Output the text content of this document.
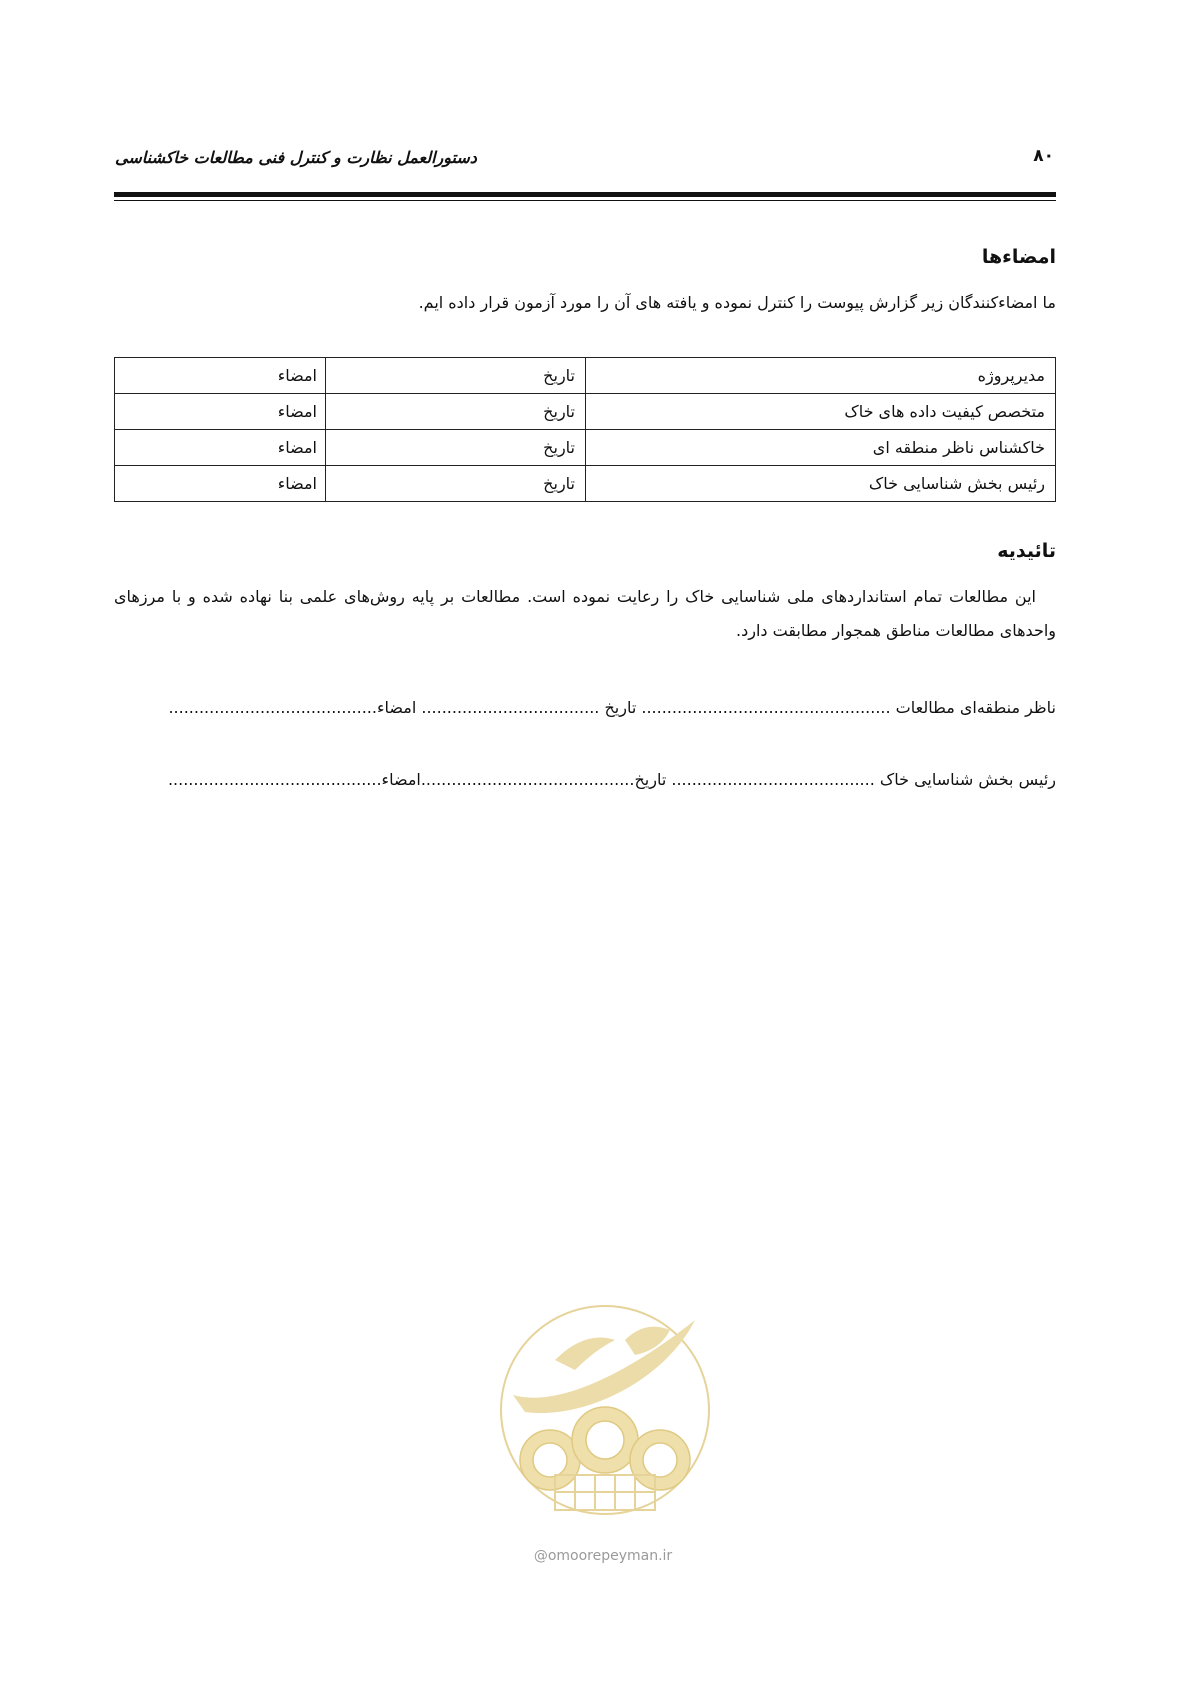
۸۰
دستورالعمل نظارت و کنترل فنی مطالعات خاکشناسی
امضاءها
ما امضاءکنندگان زیر گزارش پیوست را کنترل نموده و یافته های آن را مورد آزمون قرار داده ایم.
مدیرپروژه	تاریخ	امضاء
متخصص کیفیت داده های خاک	تاریخ	امضاء
خاکشناس ناظر منطقه ای	تاریخ	امضاء
رئیس بخش شناسایی خاک	تاریخ	امضاء
تائیدیه
این مطالعات تمام استانداردهای ملی شناسایی خاک را رعایت نموده است. مطالعات بر پایه روش‌های علمی بنا نهاده شده و با مرزهای واحدهای مطالعات مناطق همجوار مطابقت دارد.
ناظر منطقه‌ای مطالعات ................................................. تاریخ ................................... امضاء.........................................
رئیس بخش شناسایی خاک ........................................ تاریخ..........................................امضاء..........................................
@omoorepeyman.ir
